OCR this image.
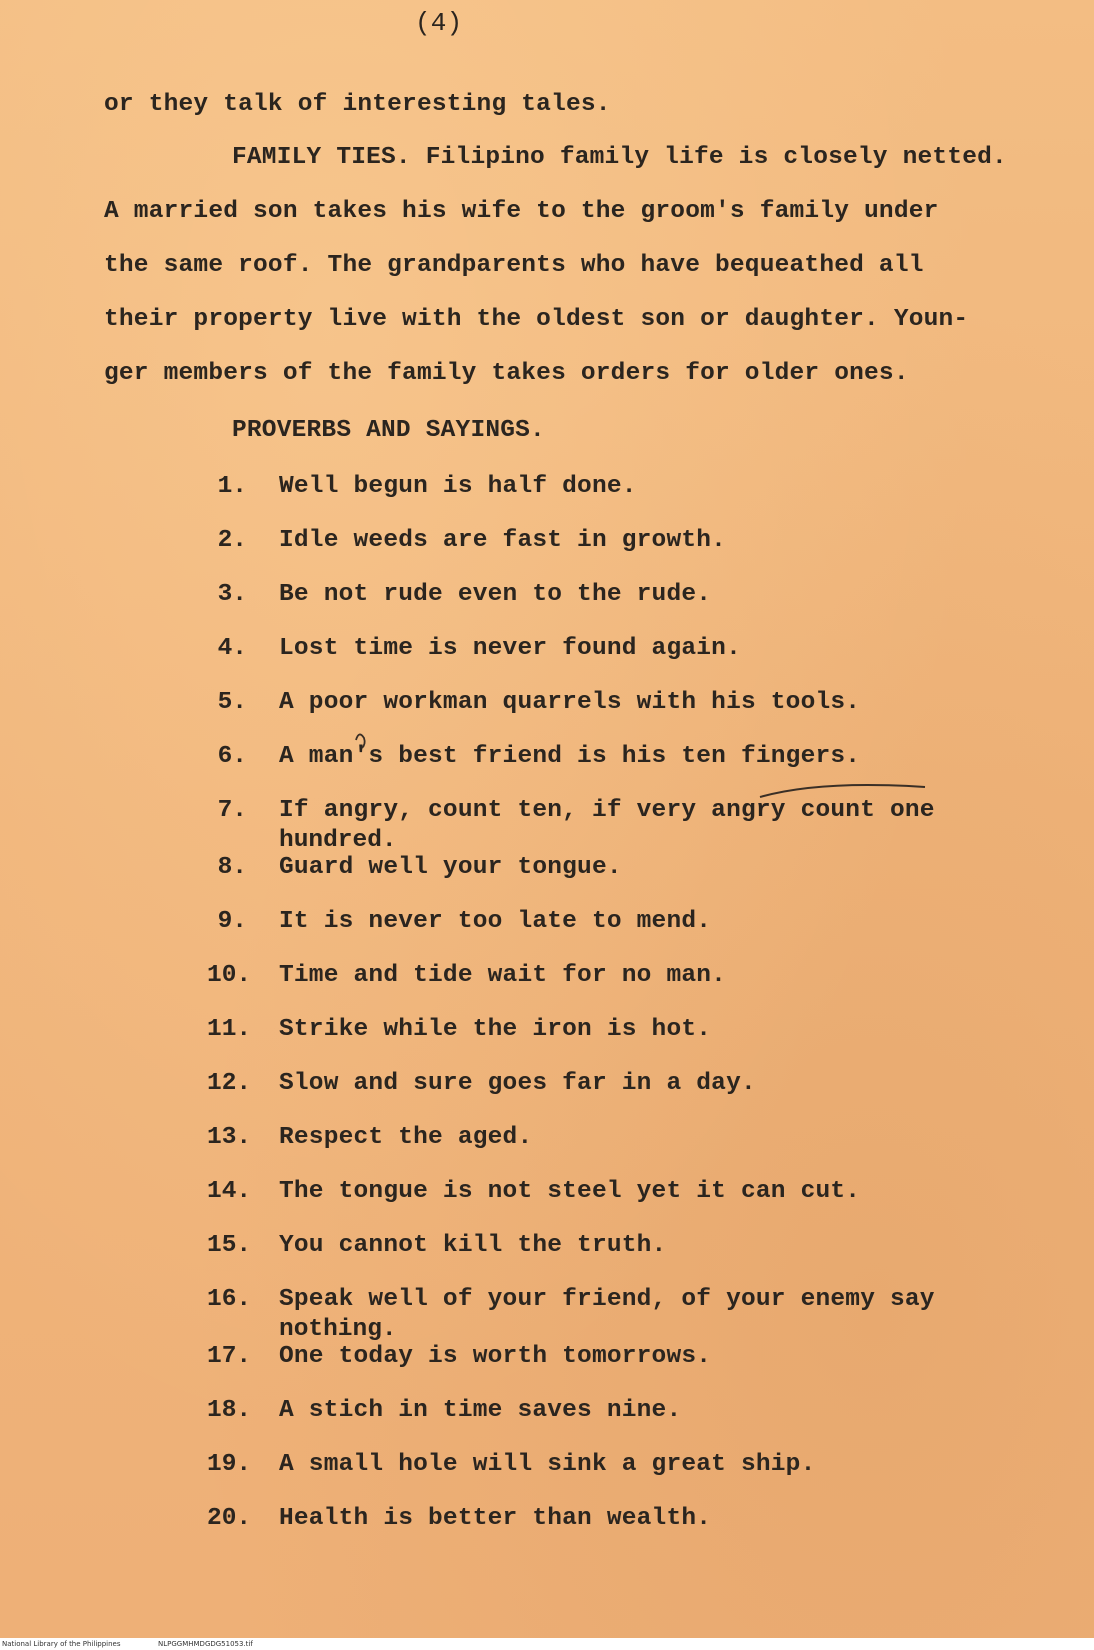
(4)
or they talk of interesting tales.
FAMILY TIES. Filipino family life is closely netted.
A married son takes his wife to the groom's family under
the same roof. The grandparents who have bequeathed all
their property live with the oldest son or daughter. Youn-
ger members of the family takes orders for older ones.
PROVERBS AND SAYINGS.
1. Well begun is half done.
2. Idle weeds are fast in growth.
3. Be not rude even to the rude.
4. Lost time is never found again.
5. A poor workman quarrels with his tools.
6. A man's best friend is his ten fingers.
7. If angry, count ten, if very angry count one
hundred.
8. Guard well your tongue.
9. It is never too late to mend.
10. Time and tide wait for no man.
11. Strike while the iron is hot.
12. Slow and sure goes far in a day.
13. Respect the aged.
14. The tongue is not steel yet it can cut.
15. You cannot kill the truth.
16. Speak well of your friend, of your enemy say
nothing.
17. One today is worth tomorrows.
18. A stich in time saves nine.
19. A small hole will sink a great ship.
20. Health is better than wealth.
National Library of the Philippines	NLPGGMHMDGDG51053.tif
